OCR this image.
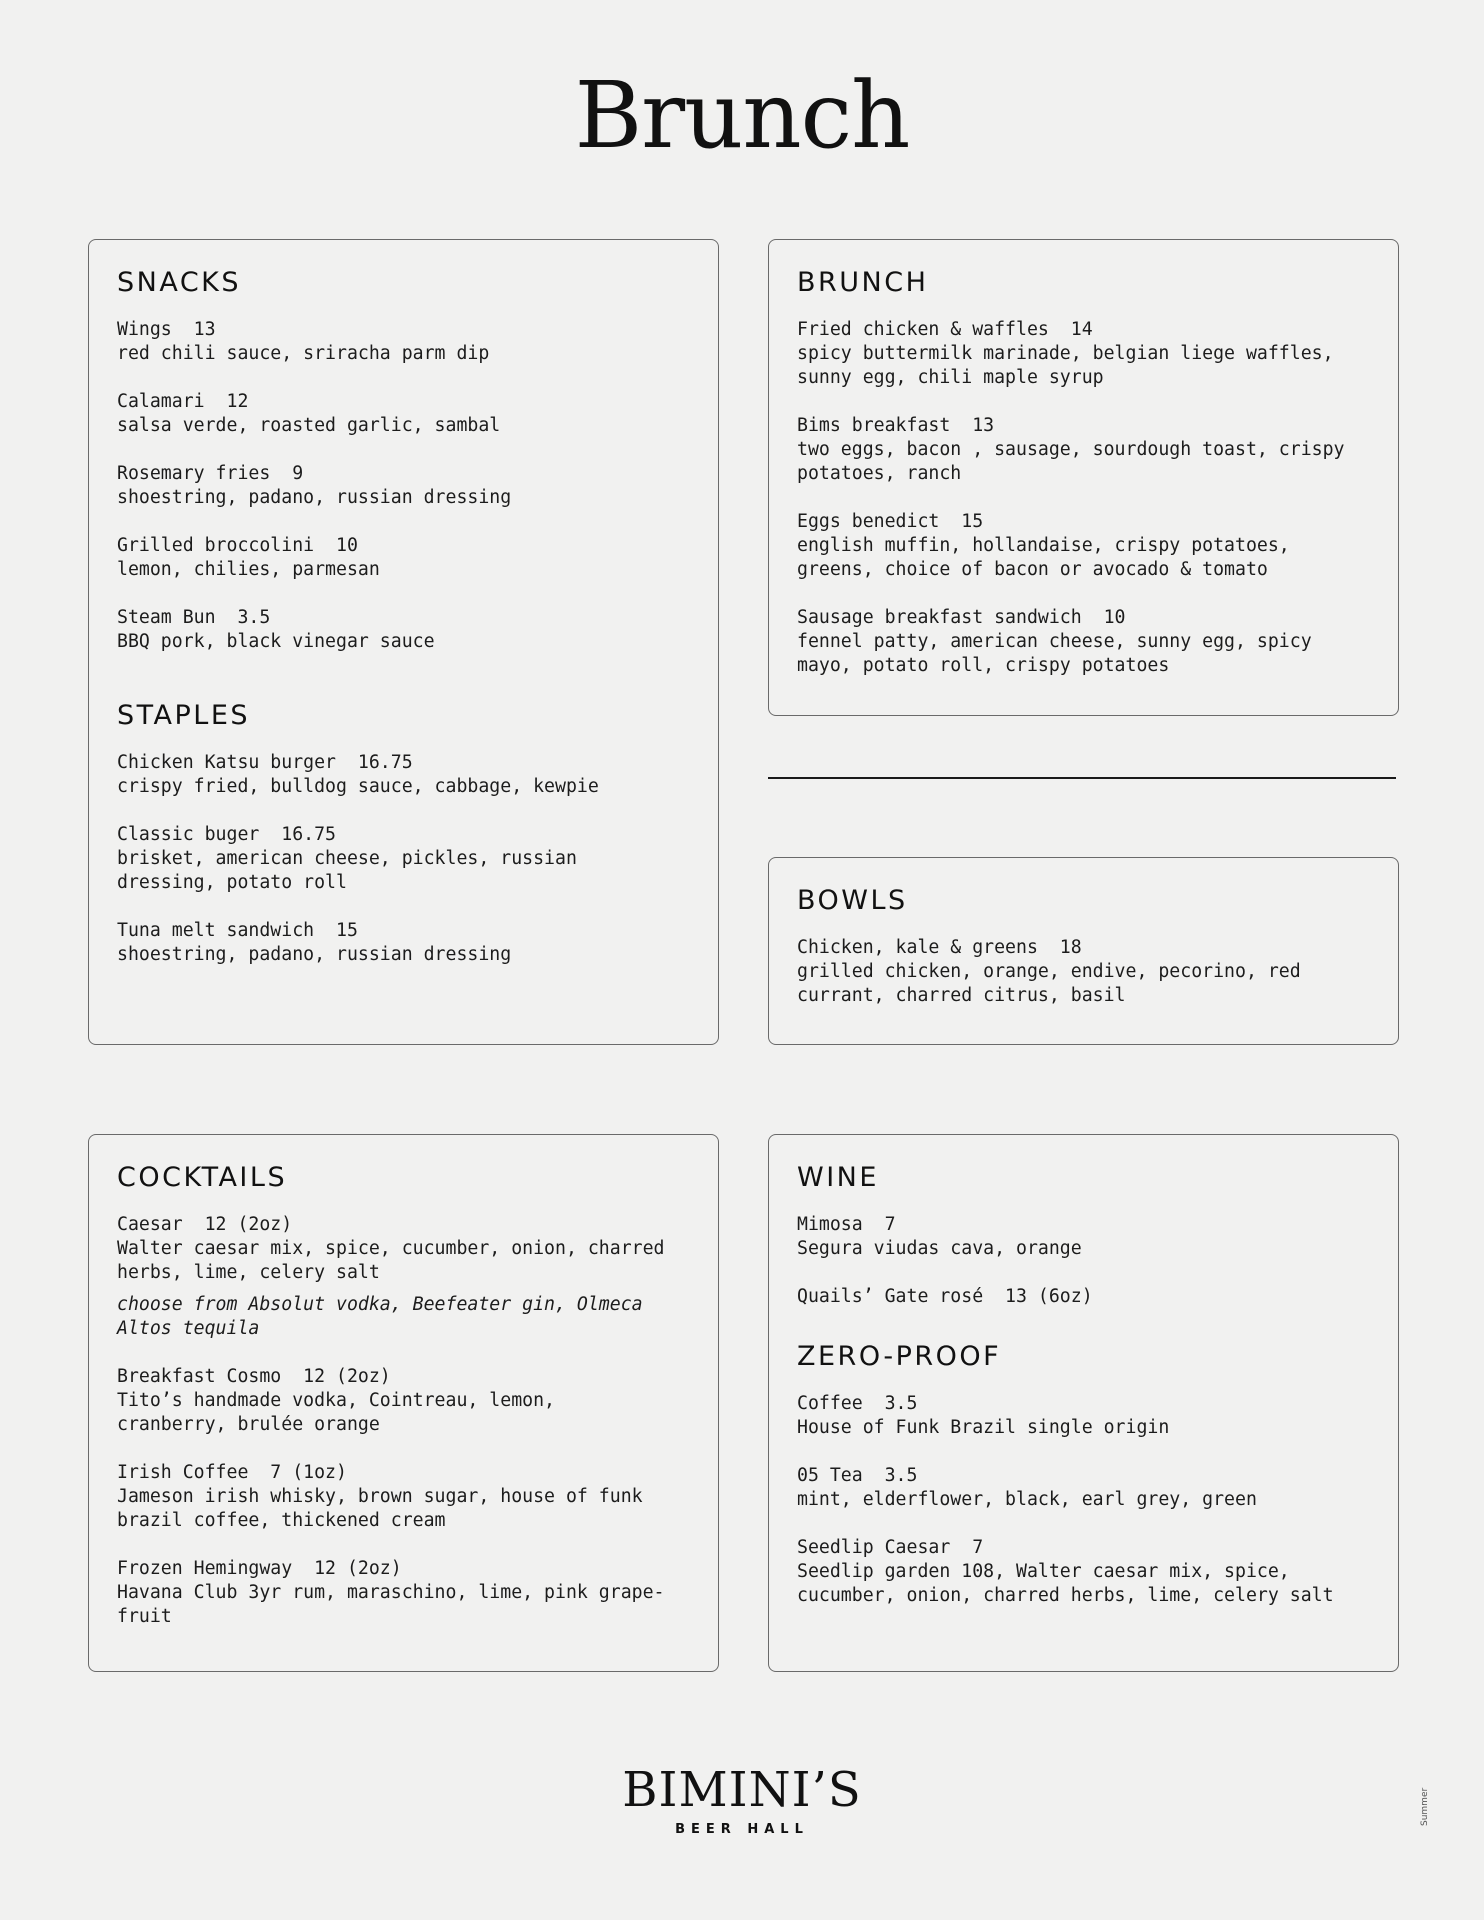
Brunch
SNACKS
Wings  13
red chili sauce, sriracha parm dip
Calamari  12
salsa verde, roasted garlic, sambal
Rosemary fries  9
shoestring, padano, russian dressing
Grilled broccolini  10
lemon, chilies, parmesan
Steam Bun  3.5
BBQ pork, black vinegar sauce
STAPLES
Chicken Katsu burger  16.75
crispy fried, bulldog sauce, cabbage, kewpie
Classic buger  16.75
brisket, american cheese, pickles, russian
dressing, potato roll
Tuna melt sandwich  15
shoestring, padano, russian dressing
BRUNCH
Fried chicken & waffles  14
spicy buttermilk marinade, belgian liege waffles,
sunny egg, chili maple syrup
Bims breakfast  13
two eggs, bacon , sausage, sourdough toast, crispy
potatoes, ranch
Eggs benedict  15
english muffin, hollandaise, crispy potatoes,
greens, choice of bacon or avocado & tomato
Sausage breakfast sandwich  10
fennel patty, american cheese, sunny egg, spicy
mayo, potato roll, crispy potatoes
BOWLS
Chicken, kale & greens  18
grilled chicken, orange, endive, pecorino, red
currant, charred citrus, basil
COCKTAILS
Caesar  12 (2oz)
Walter caesar mix, spice, cucumber, onion, charred
herbs, lime, celery salt
choose from Absolut vodka, Beefeater gin, Olmeca
Altos tequila
Breakfast Cosmo  12 (2oz)
Tito’s handmade vodka, Cointreau, lemon,
cranberry, brulée orange
Irish Coffee  7 (1oz)
Jameson irish whisky, brown sugar, house of funk
brazil coffee, thickened cream
Frozen Hemingway  12 (2oz)
Havana Club 3yr rum, maraschino, lime, pink grape-
fruit
WINE
Mimosa  7
Segura viudas cava, orange
Quails’ Gate rosé  13 (6oz)
ZERO-PROOF
Coffee  3.5
House of Funk Brazil single origin
05 Tea  3.5
mint, elderflower, black, earl grey, green
Seedlip Caesar  7
Seedlip garden 108, Walter caesar mix, spice,
cucumber, onion, charred herbs, lime, celery salt
BIMINI’S
BEER HALL
Summer
